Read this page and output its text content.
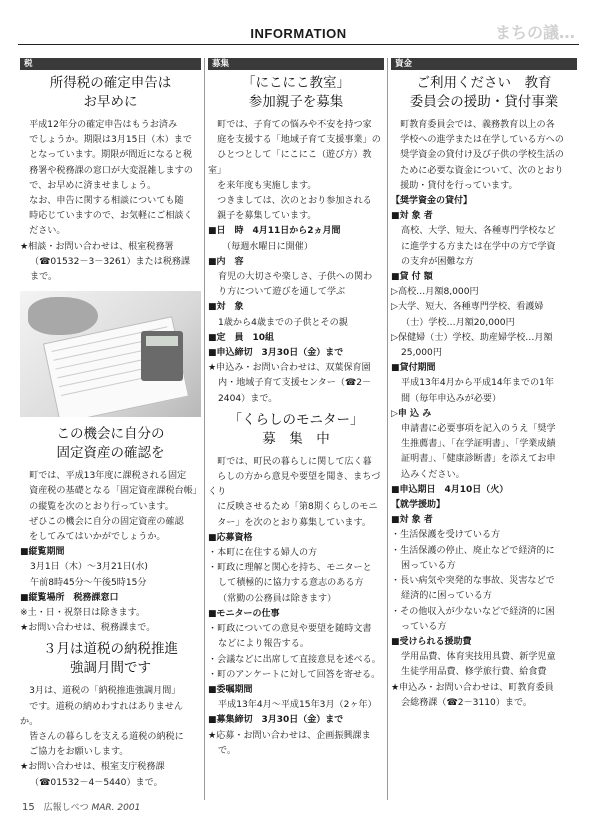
INFORMATION	まちの議…
税
所得税の確定申告は
お早めに
平成12年分の確定申告はもうお済み
でしょうか。期限は3月15日（木）まで
となっています。期限が間近になると税
務署や税務課の窓口が大変混雑しますの
で、お早めに済ませましょう。
なお、申告に関する相談についても随
時応じていますので、お気軽にご相談く
ださい。
★相談・お問い合わせは、根室税務署
（☎01532－3－3261）または税務課
まで。
この機会に自分の
固定資産の確認を
町では、平成13年度に課税される固定
資産税の基礎となる「固定資産課税台帳」
の縦覧を次のとおり行っています。
ぜひこの機会に自分の固定資産の確認
をしてみてはいかがでしょうか。
■縦覧期間
3月1日（木）～3月21日(水)
午前8時45分～午後5時15分
■縦覧場所　税務課窓口
※土・日・祝祭日は除きます。
★お問い合わせは、税務課まで。
３月は道税の納税推進
強調月間です
3月は、道税の「納税推進強調月間」
です。道税の納めわすれはありませんか。
皆さんの暮らしを支える道税の納税に
ご協力をお願いします。
★お問い合わせは、根室支庁税務課
（☎01532－4－5440）まで。
募集
「にこにこ教室」
参加親子を募集
町では、子育ての悩みや不安を持つ家
庭を支援する「地域子育て支援事業」の
ひとつとして「にこにこ（遊び方）教室」
を来年度も実施します。
つきましては、次のとおり参加される
親子を募集しています。
■日　時　4月11日から2ヵ月間
（毎週水曜日に開催）
■内　容
育児の大切さや楽しさ、子供への関わ
り方について遊びを通して学ぶ
■対　象
1歳から4歳までの子供とその親
■定　員　10組
■申込締切　3月30日（金）まで
★申込み・お問い合わせは、双葉保育園
内・地域子育て支援センター（☎2－
2404）まで。
「くらしのモニター」
募　集　中
町では、町民の暮らしに関して広く暮
らしの方から意見や要望を聞き、まちづくり
に反映させるため「第8期くらしのモニ
ター」を次のとおり募集しています。
■応募資格
・本町に在住する婦人の方
・町政に理解と関心を持ち、モニターと
して積極的に協力する意志のある方
（常勤の公務員は除きます）
■モニターの仕事
・町政についての意見や要望を随時文書
などにより報告する。
・会議などに出席して直接意見を述べる。
・町のアンケートに対して回答を寄せる。
■委嘱期間
平成13年4月～平成15年3月（2ヶ年）
■募集締切　3月30日（金）まで
★応募・お問い合わせは、企画振興課ま
で。
資金
ご利用ください　教育
委員会の援助・貸付事業
町教育委員会では、義務教育以上の各
学校への進学または在学している方への
奨学資金の貸付け及び子供の学校生活の
ために必要な資金について、次のとおり
援助・貸付を行っています。
【奨学資金の貸付】
■対 象 者
高校、大学、短大、各種専門学校など
に進学する方または在学中の方で学資
の支弁が困難な方
■貸 付 額
▷高校…月額8,000円
▷大学、短大、各種専門学校、看護婦
（士）学校…月額20,000円
▷保健婦（士）学校、助産婦学校…月額
25,000円
■貸付期間
平成13年4月から平成14年までの1年
間（毎年申込みが必要）
▷申 込 み
申請書に必要事項を記入のうえ「奨学
生推薦書」、「在学証明書」、「学業成績
証明書」、「健康診断書」を添えてお申
込みください。
■申込期日　4月10日（火）
【就学援助】
■対 象 者
・生活保護を受けている方
・生活保護の停止、廃止などで経済的に
困っている方
・長い病気や突発的な事故、災害などで
経済的に困っている方
・その他収入が少ないなどで経済的に困
っている方
■受けられる援助費
学用品費、体育実技用具費、新学児童
生徒学用品費、修学旅行費、給食費
★申込み・お問い合わせは、町教育委員
会総務課（☎2－3110）まで。
15 広報しべつ MAR. 2001
